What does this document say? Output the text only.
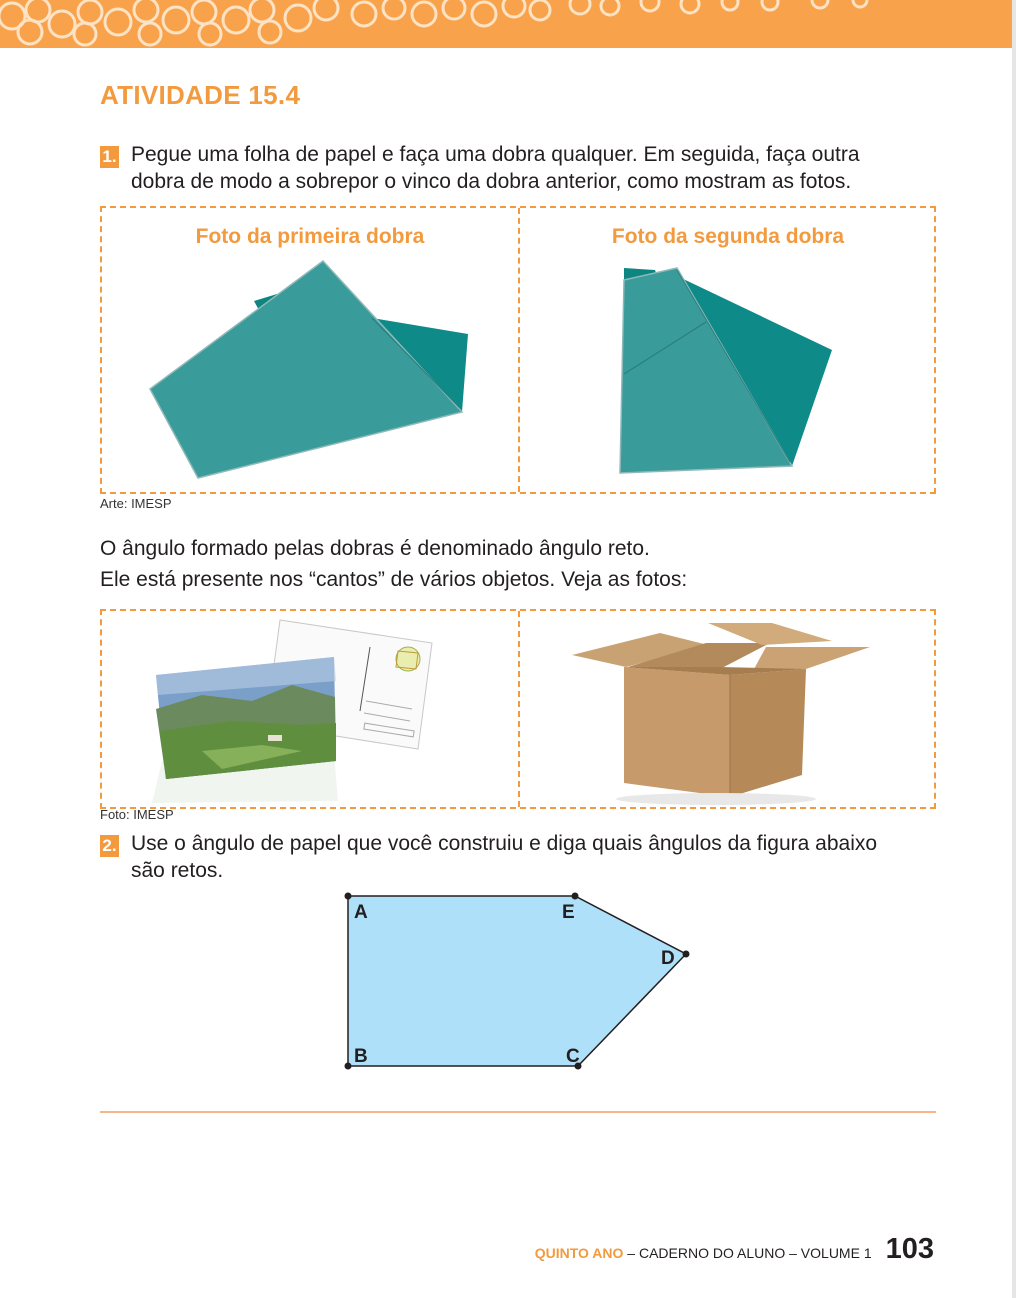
ATIVIDADE 15.4
1. Pegue uma folha de papel e faça uma dobra qualquer. Em seguida, faça outra
dobra de modo a sobrepor o vinco da dobra anterior, como mostram as fotos.
Foto da primeira dobra	Foto da segunda dobra
Arte: IMESP
O ângulo formado pelas dobras é denominado ângulo reto.
Ele está presente nos “cantos” de vários objetos. Veja as fotos:
Foto: IMESP
2. Use o ângulo de papel que você construiu e diga quais ângulos da figura abaixo
são retos.
A	E
D
C
B
QUINTO ANO – CADERNO DO ALUNO – VOLUME 1 103
